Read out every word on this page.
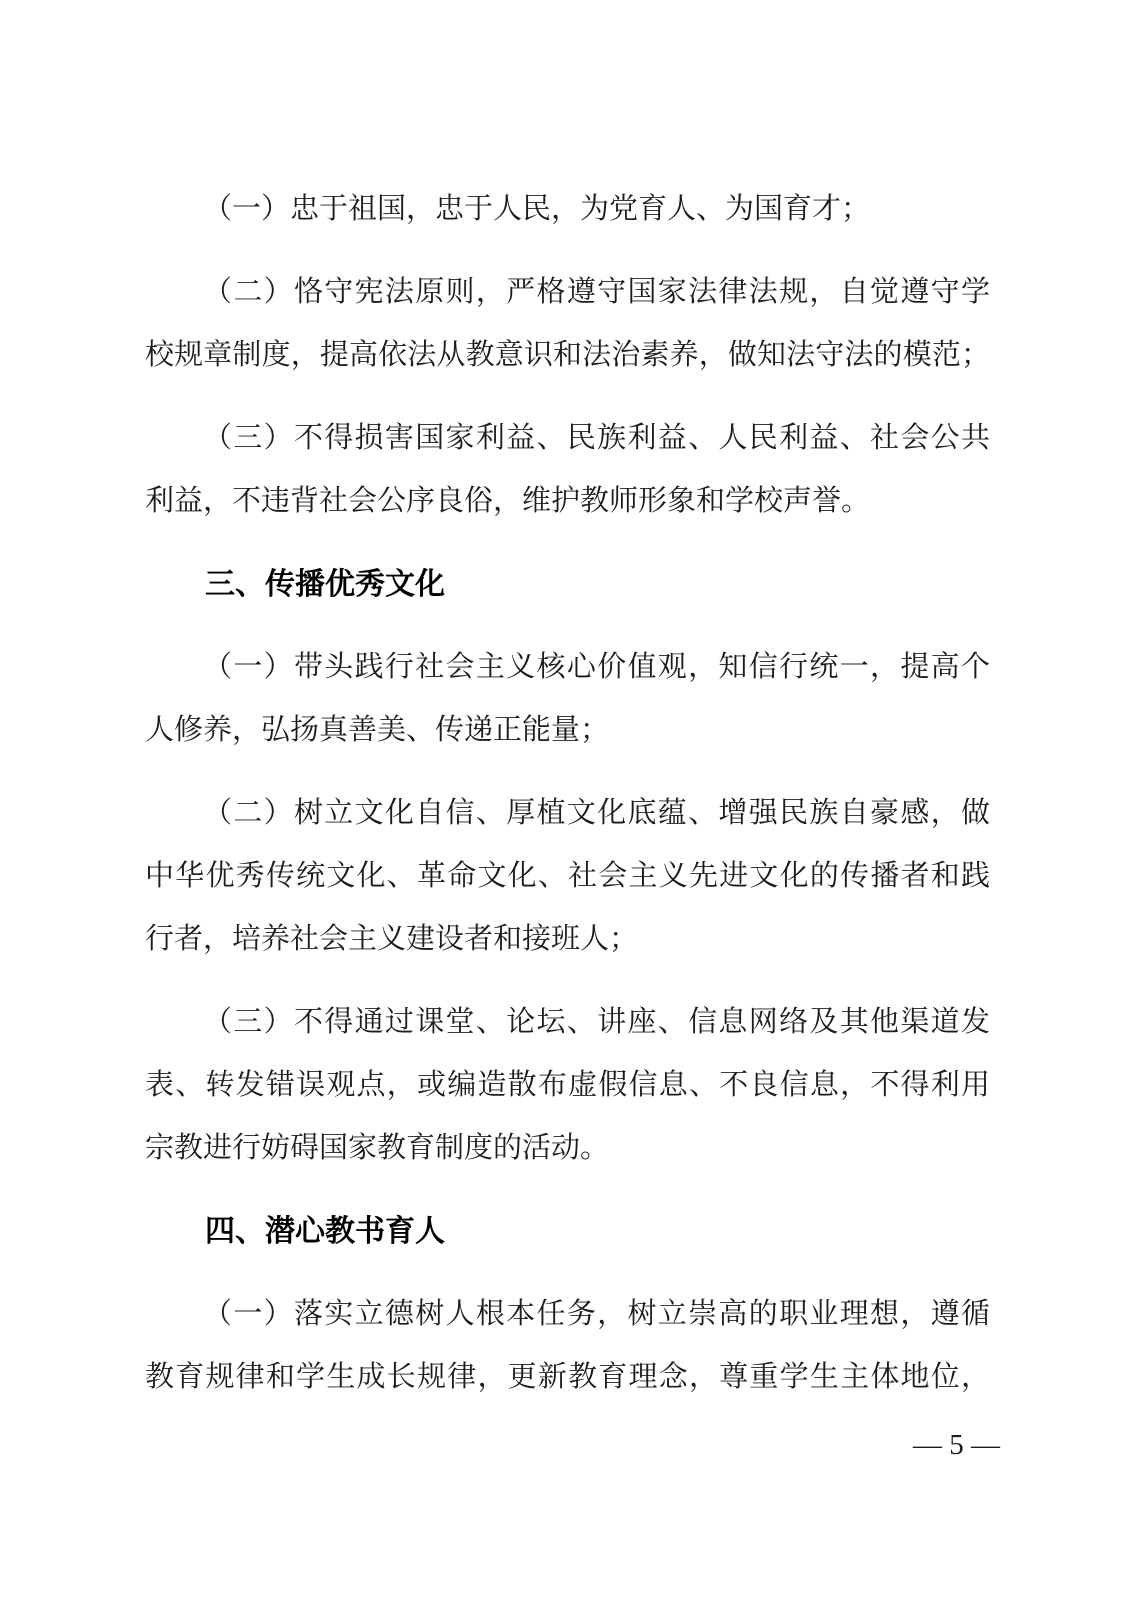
（一）忠于祖国，忠于人民，为党育人、为国育才；
（二）恪守宪法原则，严格遵守国家法律法规，自觉遵守学
校规章制度，提高依法从教意识和法治素养，做知法守法的模范；
（三）不得损害国家利益、民族利益、人民利益、社会公共
利益，不违背社会公序良俗，维护教师形象和学校声誉。
三、传播优秀文化
（一）带头践行社会主义核心价值观，知信行统一，提高个
人修养，弘扬真善美、传递正能量；
（二）树立文化自信、厚植文化底蕴、增强民族自豪感，做
中华优秀传统文化、革命文化、社会主义先进文化的传播者和践
行者，培养社会主义建设者和接班人；
（三）不得通过课堂、论坛、讲座、信息网络及其他渠道发
表、转发错误观点，或编造散布虚假信息、不良信息，不得利用
宗教进行妨碍国家教育制度的活动。
四、潜心教书育人
（一）落实立德树人根本任务，树立崇高的职业理想，遵循
教育规律和学生成长规律，更新教育理念，尊重学生主体地位，
— 5 —
